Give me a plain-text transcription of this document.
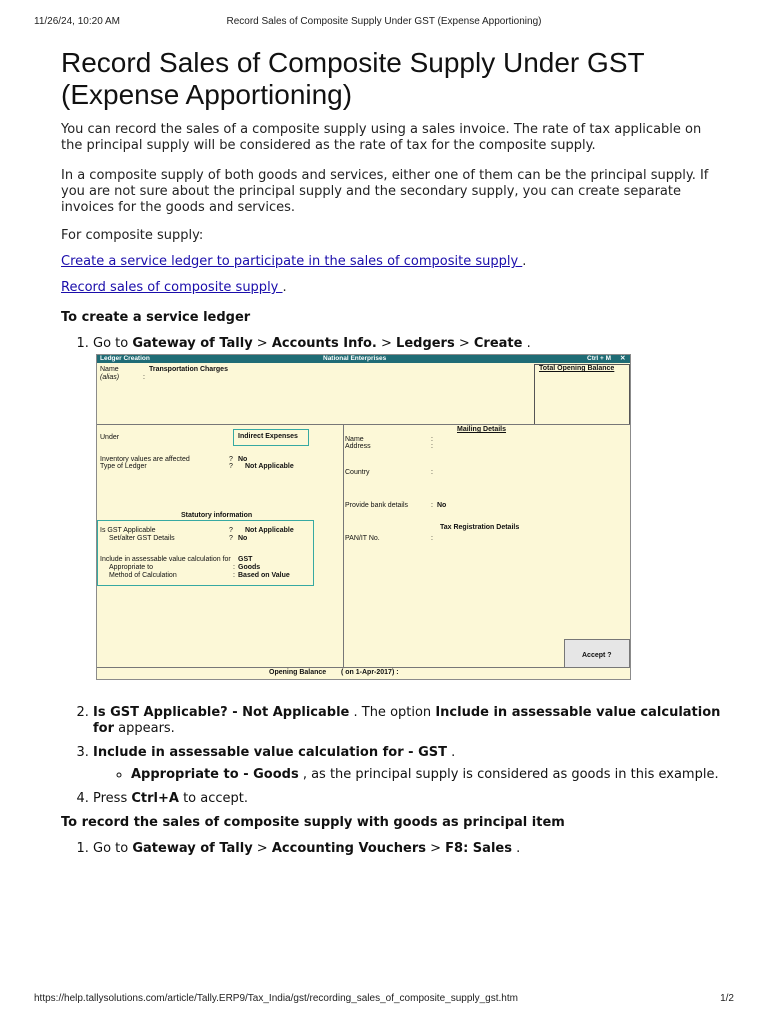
11/26/24, 10:20 AM	Record Sales of Composite Supply Under GST (Expense Apportioning)
Record Sales of Composite Supply Under GST (Expense Apportioning)

You can record the sales of a composite supply using a sales invoice. The rate of tax applicable on the principal supply will be considered as the rate of tax for the composite supply.

In a composite supply of both goods and services, either one of them can be the principal supply. If you are not sure about the principal supply and the secondary supply, you can create separate invoices for the goods and services.

For composite supply:

Create a service ledger to participate in the sales of composite supply .

Record sales of composite supply .

To create a service ledger
1. Go to Gateway of Tally > Accounts Info. > Ledgers > Create .
2. Is GST Applicable? - Not Applicable . The option Include in assessable value calculation for appears.
3. Include in assessable value calculation for - GST .
◦ Appropriate to - Goods , as the principal supply is considered as goods in this example.
4. Press Ctrl+A to accept.
To record the sales of composite supply with goods as principal item
1. Go to Gateway of Tally > Accounting Vouchers > F8: Sales .
Ledger Creation	National Enterprises	Ctrl + M ✕
Name	Transportation Charges
(alias)	:
Total Opening Balance
Under	Indirect Expenses
Inventory values are affected	? No
Type of Ledger	? Not Applicable
Statutory information
Is GST Applicable	? Not Applicable
Set/alter GST Details	? No
Include in assessable value calculation for GST
Appropriate to	: Goods
Method of Calculation	: Based on Value
Mailing Details
Name	:
Address	:
Country	:
Provide bank details	: No
Tax Registration Details
PAN/IT No.	:
Accept ?
Opening Balance ( on 1-Apr-2017) :
https://help.tallysolutions.com/article/Tally.ERP9/Tax_India/gst/recording_sales_of_composite_supply_gst.htm	1/2
